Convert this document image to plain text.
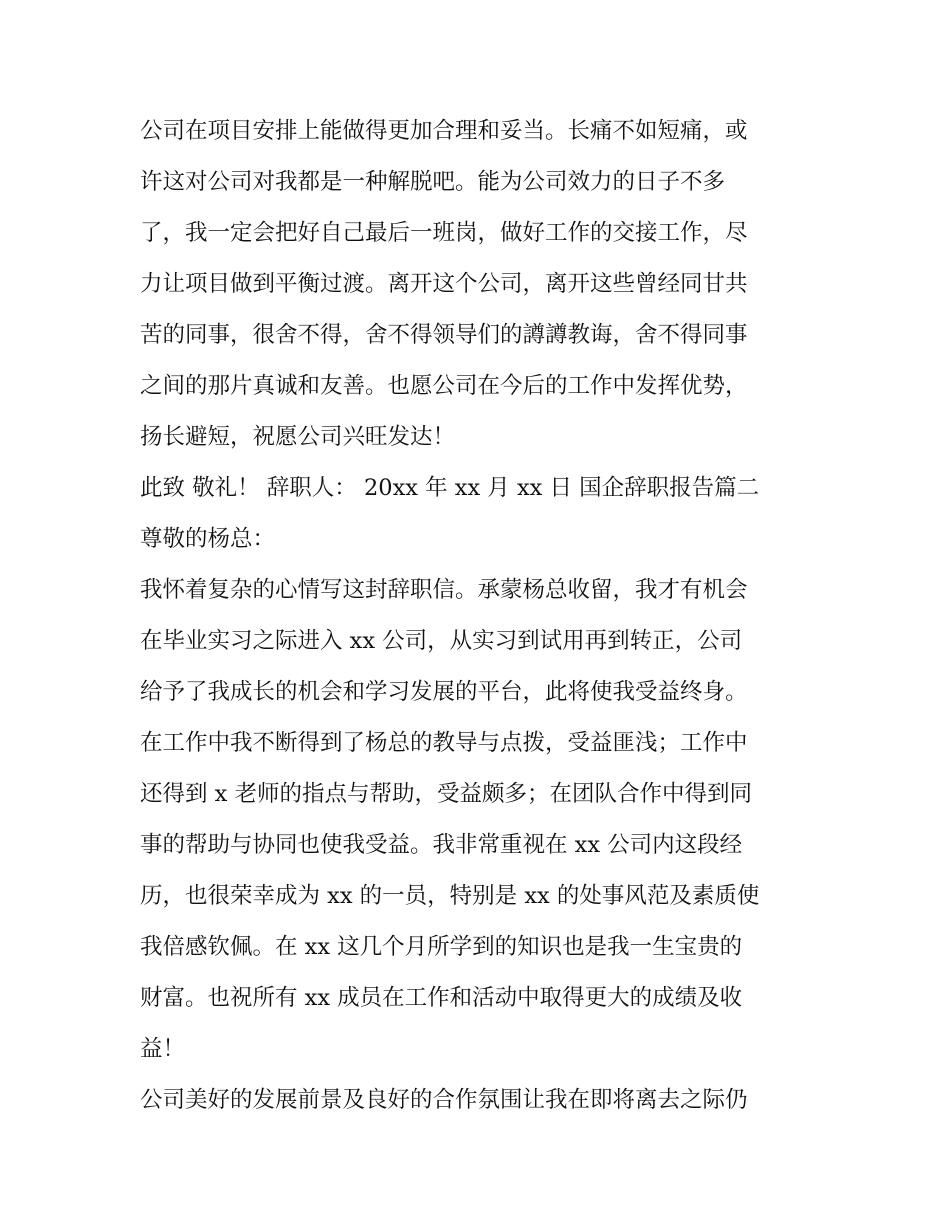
公司在项目安排上能做得更加合理和妥当。长痛不如短痛，或
许这对公司对我都是一种解脱吧。能为公司效力的日子不多
了，我一定会把好自己最后一班岗，做好工作的交接工作，尽
力让项目做到平衡过渡。离开这个公司，离开这些曾经同甘共
苦的同事，很舍不得，舍不得领导们的譐譐教诲，舍不得同事
之间的那片真诚和友善。也愿公司在今后的工作中发挥优势，
扬长避短，祝愿公司兴旺发达！
此致 敬礼！ 辞职人： 20xx 年 xx 月 xx 日 国企辞职报告篇二
尊敬的杨总：
我怀着复杂的心情写这封辞职信。承蒙杨总收留，我才有机会
在毕业实习之际进入 xx 公司，从实习到试用再到转正，公司
给予了我成长的机会和学习发展的平台，此将使我受益终身。
在工作中我不断得到了杨总的教导与点拨，受益匪浅；工作中
还得到 x 老师的指点与帮助，受益颇多；在团队合作中得到同
事的帮助与协同也使我受益。我非常重视在 xx 公司内这段经
历，也很荣幸成为 xx 的一员，特别是 xx 的处事风范及素质使
我倍感钦佩。在 xx 这几个月所学到的知识也是我一生宝贵的
财富。也祝所有 xx 成员在工作和活动中取得更大的成绩及收
益！
公司美好的发展前景及良好的合作氛围让我在即将离去之际仍
